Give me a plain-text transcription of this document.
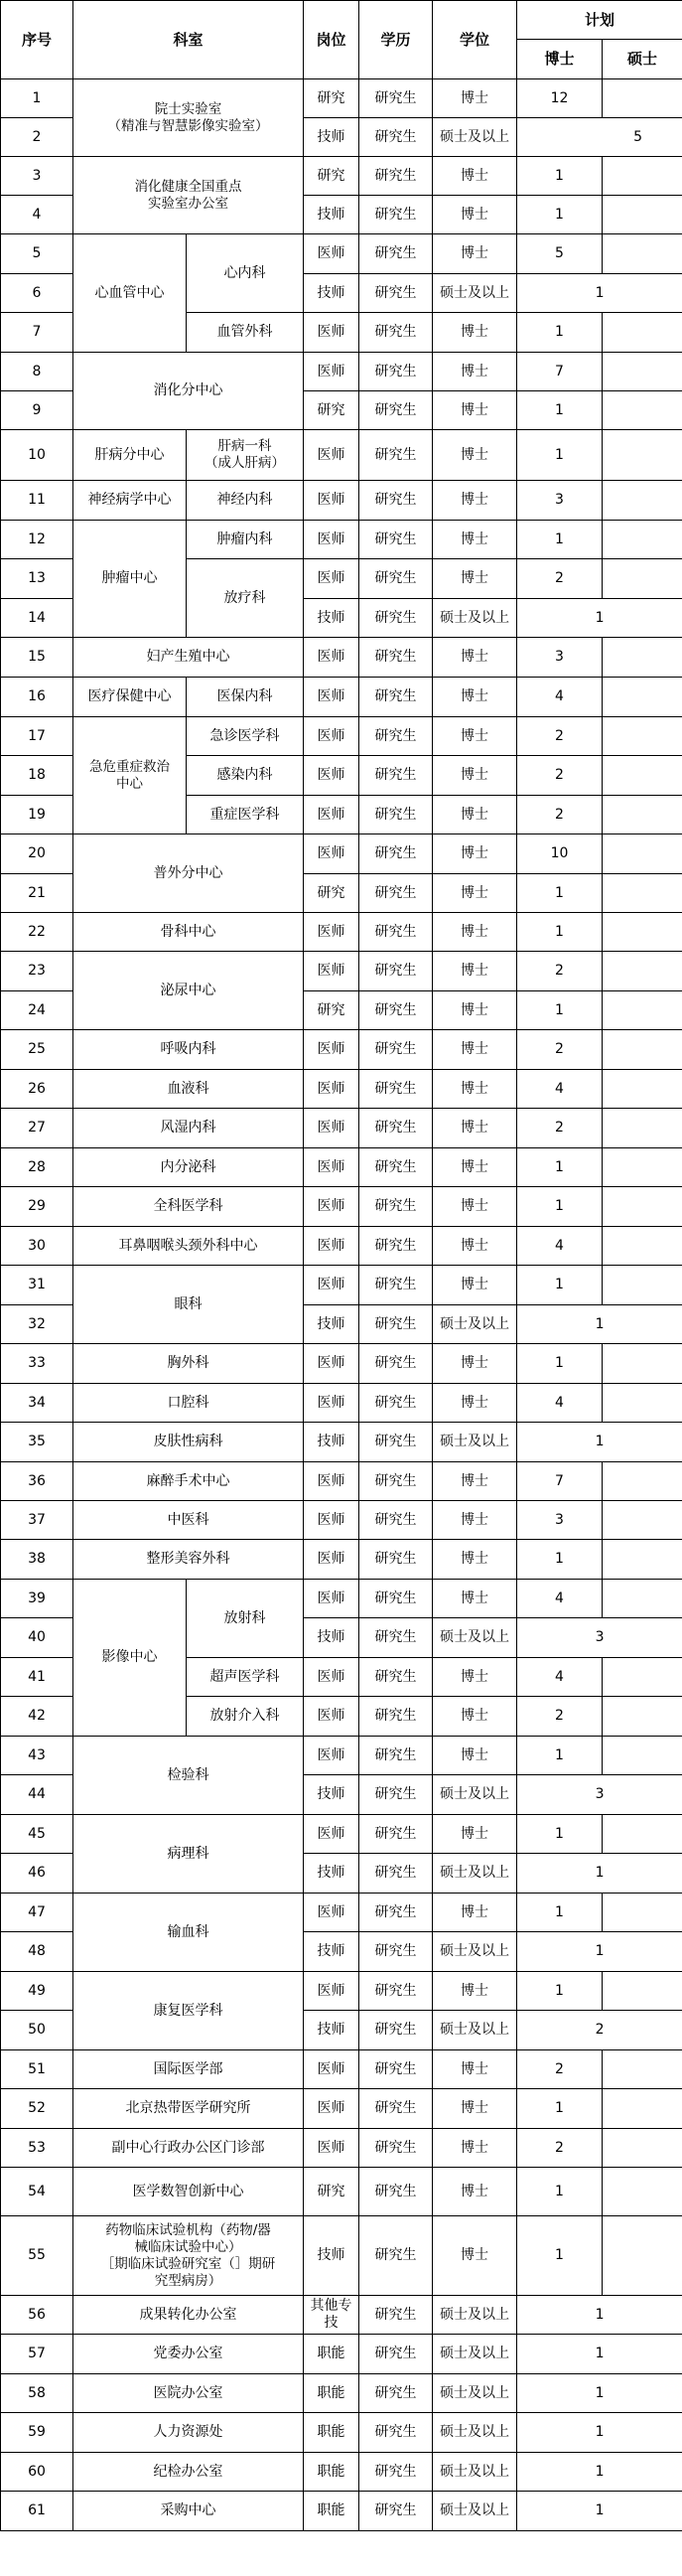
序号	科室		岗位	学历	学位	计划	
						博士	硕士
1	院士实验室
（精准与智慧影像实验室）		研究	研究生	博士	12	
2			技师	研究生	硕士及以上	5	
3	消化健康全国重点
实验室办公室		研究	研究生	博士	1	
4			技师	研究生	博士	1	
5	心血管中心	心内科	医师	研究生	博士	5	
6			技师	研究生	硕士及以上	1	
7		血管外科	医师	研究生	博士	1	
8	消化分中心		医师	研究生	博士	7	
9			研究	研究生	博士	1	
10	肝病分中心	肝病一科
（成人肝病）	医师	研究生	博士	1	
11	神经病学中心	神经内科	医师	研究生	博士	3	
12	肿瘤中心	肿瘤内科	医师	研究生	博士	1	
13		放疗科	医师	研究生	博士	2	
14			技师	研究生	硕士及以上	1	
15	妇产生殖中心		医师	研究生	博士	3	
16	医疗保健中心	医保内科	医师	研究生	博士	4	
17	急危重症救治
中心	急诊医学科	医师	研究生	博士	2	
18		感染内科	医师	研究生	博士	2	
19		重症医学科	医师	研究生	博士	2	
20	普外分中心		医师	研究生	博士	10	
21			研究	研究生	博士	1	
22	骨科中心		医师	研究生	博士	1	
23	泌尿中心		医师	研究生	博士	2	
24			研究	研究生	博士	1	
25	呼吸内科		医师	研究生	博士	2	
26	血液科		医师	研究生	博士	4	
27	风湿内科		医师	研究生	博士	2	
28	内分泌科		医师	研究生	博士	1	
29	全科医学科		医师	研究生	博士	1	
30	耳鼻咽喉头颈外科中心		医师	研究生	博士	4	
31	眼科		医师	研究生	博士	1	
32			技师	研究生	硕士及以上	1	
33	胸外科		医师	研究生	博士	1	
34	口腔科		医师	研究生	博士	4	
35	皮肤性病科		技师	研究生	硕士及以上	1	
36	麻醉手术中心		医师	研究生	博士	7	
37	中医科		医师	研究生	博士	3	
38	整形美容外科		医师	研究生	博士	1	
39	影像中心	放射科	医师	研究生	博士	4	
40			技师	研究生	硕士及以上	3	
41		超声医学科	医师	研究生	博士	4	
42		放射介入科	医师	研究生	博士	2	
43	检验科		医师	研究生	博士	1	
44			技师	研究生	硕士及以上	3	
45	病理科		医师	研究生	博士	1	
46			技师	研究生	硕士及以上	1	
47	输血科		医师	研究生	博士	1	
48			技师	研究生	硕士及以上	1	
49	康复医学科		医师	研究生	博士	1	
50			技师	研究生	硕士及以上	2	
51	国际医学部		医师	研究生	博士	2	
52	北京热带医学研究所		医师	研究生	博士	1	
53	副中心行政办公区门诊部		医师	研究生	博士	2	
54	医学数智创新中心		研究	研究生	博士	1	
55	药物临床试验机构（药物/器
械临床试验中心）
［期临床试验研究室（］期研
究型病房）		技师	研究生	博士	1	
56	成果转化办公室		其他专技	研究生	硕士及以上	1	
57	党委办公室		职能	研究生	硕士及以上	1	
58	医院办公室		职能	研究生	硕士及以上	1	
59	人力资源处		职能	研究生	硕士及以上	1	
60	纪检办公室		职能	研究生	硕士及以上	1	
61	采购中心		职能	研究生	硕士及以上	1	
